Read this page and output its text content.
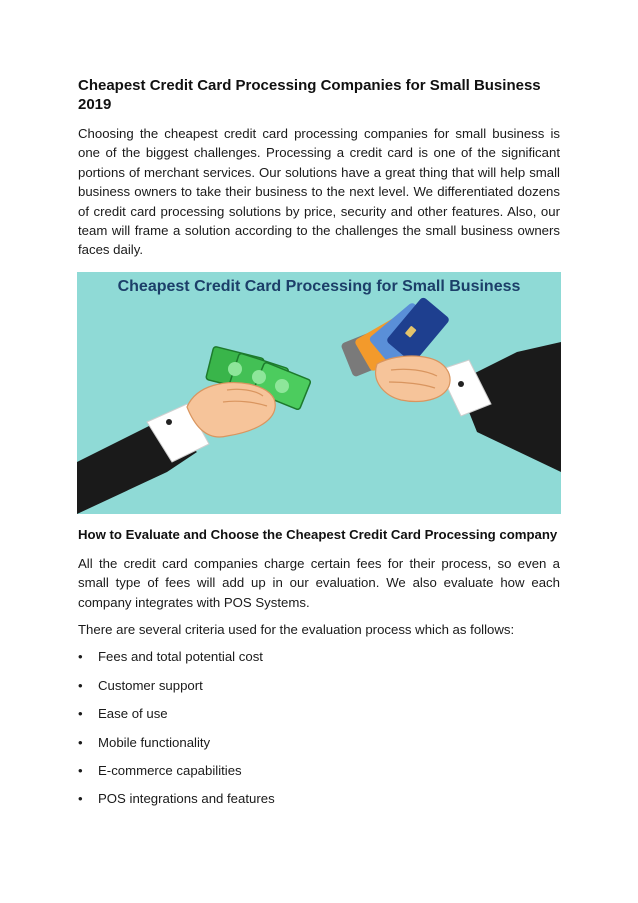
Cheapest Credit Card Processing Companies for Small Business 2019

Choosing the cheapest credit card processing companies for small business is one of the biggest challenges. Processing a credit card is one of the significant portions of merchant services. Our solutions have a great thing that will help small business owners to take their business to the next level. We differentiated dozens of credit card processing solutions by price, security and other features. Also, our team will frame a solution according to the challenges the small business owners faces daily.

Cheapest Credit Card Processing for Small Business
How to Evaluate and Choose the Cheapest Credit Card Processing company

All the credit card companies charge certain fees for their process, so even a small type of fees will add up in our evaluation. We also evaluate how each company integrates with POS Systems.

There are several criteria used for the evaluation process which as follows:

• Fees and total potential cost
• Customer support
• Ease of use
• Mobile functionality
• E-commerce capabilities
• POS integrations and features
